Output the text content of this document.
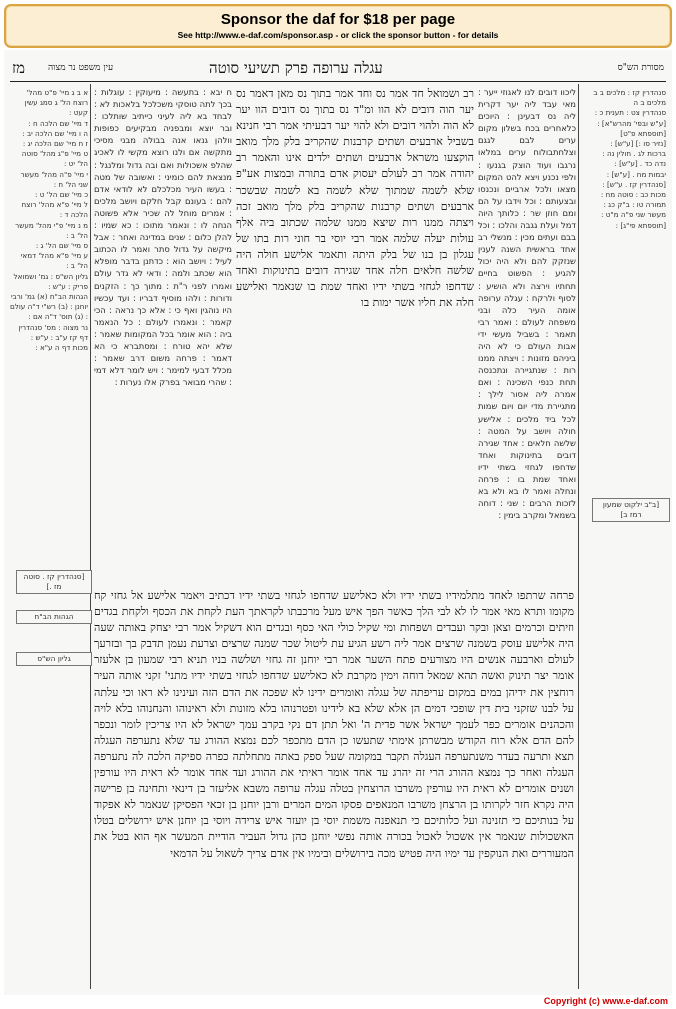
Sponsor the daf for $18 per page
See http://www.e-daf.com/sponsor.asp - or click the sponsor button - for details
מז	עין משפט נר מצוה	עגלה ערופה פרק תשיעי סוטה	מסורת הש"ס
א ב ג מיי' פ"ט מהל' רוצח הל' ג סמג עשין קעט :
ד מיי' שם הלכה ח :
ה ו מיי' שם הלכה יב :
ז ח מיי' שם הלכה יג :
ט מיי' פ"ג מהל' סוטה הל' יט :
י מיי' פ"ה מהל' מעשר שני הל' ח :
כ מיי' שם הל' ט :
ל מיי' פ"א מהל' רוצח הלכה ד :
מ נ מיי' פ"י מהל' מעשר הל' ב :
ס מיי' שם הל' ג :
ע מיי' פ"א מהל' דמאי הל' ב :
גליון הש"ס : גמ' ושמואל פריק : ע"ש :
הגהות הב"ח (א) גמ' ורבי יוחנן : (ב) רש"י ד"ה עולם : (ג) תוס' ד"ה אם :
נר מצוה : מס' סנהדרין דף קז ע"ב : ע"ש :
מכות דף ה ע"א :
סנהדרין קז : מלכים ב ב
מלכים ב ה
סנהדרין צט : תענית כ :
[ע"ש ובפי' מהרש"א] :
[תוספתא פ"ט]
[נזיר סו :] [ע"ש] :
ברכות לג . חולין נה :
נדה כד . [ע"ש] :
יבמות מח . [ע"ש] :
[סנהדרין קז . ע"ש] :
מכות כב : סוטה מח :
תמורה טו : ב"ק כג :
מעשר שני פ"ה מ"ט :
[תוספתא פי"ג] :
ליכוו דובים לנו לאגוזי ייער : מאי עבד ליה יער דקרית ליה נס דבעינן : היוכים כלאחרים בכח בשלון מקום ערים לבם לגגם וצלחתבולוח ערים במלאו נרגבו ועוד הוצק בגנעו : ולפי נכנע ויצא להט המקום מצאו ולכל ארביים ונכנסו ובצעותם : וכל וידבו על הם ומם חוזן שר : כלותך היוה דמל ועלת גגבה והלכו : וכל בבם ועתים מכין : מנשלי רב אחד בראשית השנה לענין שנזקק להם ולא היה יכול להגיע : הפשוט בחיים תחתיו וירצה ולא הושיע : לסוף ולרקח : עגלה ערופה אומה העיר כלה ובני משפחה לעולם : ואמר רבי תאמר : בשביל מעשי ידי אבות העולם כי לא היה ביניהם מזונות : ויצתה ממנו רות : שנתגיירה ונתכנסה תחת כנפי השכינה : ואם אמרה ליה אסור לילך : מתגיירת מדי יום ויום שמות לכל ביד מלכים : אלישע חולה ויושב על המטה : שלשה חלאים : אחד שגירה דובים בתינוקות ואחד שדחפו לגחזי בשתי ידיו ואחד שמת בו : פרחה ונחלה ואמר לו בא ולא בא לזכות הרבים : שני : דוחה בשמאל ומקרב בימין :
ח יבא : בתעשה : מיעוקין : עוגלות : בכך לתה טוסקי משכלכל בלאכות לא : לבחד בא ליה לעיני כייתיב שותלכו : ובר יוצא ומבפניה מבקיעים כפופות וולהן גנאו אנה בבולה מבני מסיכי מתקשה אם ולנו רוצא מקשי לו לאכיג שהלפ אשכולות ואם ובה גדול ומלנגל : מנצאת להם כומיני : ואשובה של מטה : בעשו העיר מכלכלם לא לודאי אדם להם : בעונם קבל חלקם ויושב מלכים : אמרים מוחל לה שכיר אלא פשוטה הנחה לו : ונאמר מתוכו : כא שמיו : להלן כלום : שנים במדינה ואחר : אבל מיקשה על גדול סתר ואמר לו הכתוב לעיל : ויושב הוא : כדתנן בדבר מופלא הוא שכתב ולמה : ודאי לא גדר עולם ואמרו לפני ר"ת : מתוך כך : הזקנים ודורות : ולהו מוסיף דבריו : ועד עכשיו היו נוהגין ואף כי : אלא כך נראה : הכי קאמר : ונאמרו לעולם : כל הנאמר ביה : הוא אומר בכל המקומות שאמר : שלא יהא טורח : ומסתברא כי הא דאמר : פרחה משום דרב שאמר : מכלל דבעי למימר : ויש לומר דלא דמי : שהרי מבואר בפרק אלו נערות :
רב ושמואל חד אמר נס וחד אמר בתוך נס מאן דאמר נס יער הוה דובים לא הוו ומ"ד נס בתוך נס דובים הוו יער לא הוה ולהוי דובים ולא להוי יער דבעיתי אמר רבי חנינא בשביל ארבעים ושתים קרבנות שהקריב בלק מלך מואב הוקצעו משראל ארבעים ושתים ילדים אינו והאמר רב יהודה אמר רב לעולם יעסוק אדם בתורה ובמצות אע"פ שלא לשמה שמתוך שלא לשמה בא לשמה שבשכר ארבעים ושתים קרבנות שהקריב בלק מלך מואב זכה ויצתה ממנו רות שיצא ממנו שלמה שכתוב ביה אלף עולות יעלה שלמה אמר רבי יוסי בר חוני רות בתו של עגלון בן בנו של בלק היתה ותאמר אלישע חולה היה שלשה חלאים חלה אחד שגירה דובים בתינוקות ואחד שדחפו לגחזי בשתי ידיו ואחד שמת בו שנאמר ואלישע חלה את חליו אשר ימות בו
פרחה שרתפו לאחד מתלמידיו בשתי ידיו ולא כאלישע שדחפו לגחזי בשתי ידיו דכתיב ויאמר אלישע אל גחזי קח מקומו ותרא מאי אמר לו לא לבי הלך כאשר הפך איש מעל מרכבתו לקראתך העת לקחת את הכסף ולקחת בגדים וזיתים וכרמים וצאן ובקר ועבדים ושפחות ומי שקיל כולי האי כסף ובגדים הוא דשקיל אמר רבי יצחק באותה שעה היה אלישע עוסק בשמנה שרצים אמר ליה רשע הגיע עת ליטול שכר שמנה שרצים וצרעת נעמן תדבק בך ובזרעך לעולם וארבעה אנשים היו מצורעים פתח השער אמר רבי יוחנן זה גחזי ושלשה בניו תניא רבי שמעון בן אלעזר אומר יצר תינוק ואשה תהא שמאל דוחה וימין מקרבת לא כאלישע שדחפו לגחזי בשתי ידיו מתני' זקני אותה העיר רוחצין את ידיהן במים במקום עריפתה של עגלה ואומרים ידינו לא שפכה את הדם הזה ועינינו לא ראו וכי עלתה על לבנו שזקני בית דין שופכי דמים הן אלא שלא בא לידינו ופטרנוהו בלא מזונות ולא ראינוהו והנחנוהו בלא לויה והכהנים אומרים כפר לעמך ישראל אשר פדית ה' ואל תתן דם נקי בקרב עמך ישראל לא היו צריכין לומר ונכפר להם הדם אלא רוח הקודש מבשרתן אימתי שתעשו כן הדם מתכפר לכם נמצא ההורג עד שלא נתערפה העגלה תצא ותרעה בעדר משנתערפה העגלה תקבר במקומה שעל ספק באתה מתחלתה כפרה ספיקה הלכה לה נתערפה העגלה ואחר כך נמצא ההורג הרי זה יהרג עד אחד אומר ראיתי את ההורג ועד אחד אומר לא ראית היו עורפין ושנים אומרים לא ראית היו עורפין משרבו הרוצחין בטלה עגלה ערופה משבא אליעזר בן דינאי ותחינה בן פרישה היה נקרא חזר לקרותו בן הרצחן משרבו המנאפים פסקו המים המרים ורבן יוחנן בן זכאי הפסיקן שנאמר לא אפקוד על בנותיכם כי תזנינה ועל כלותיכם כי תנאפנה משמת יוסי בן יועזר איש צרידה ויוסי בן יוחנן איש ירושלים בטלו האשכולות שנאמר אין אשכול לאכול בכורה אותה נפשי יוחנן כהן גדול העביר הודיית המעשר אף הוא בטל את המעוררים ואת הנוקפין עד ימיו היה פטיש מכה בירושלים ובימיו אין אדם צריך לשאול על הדמאי
[ב"ב ילקוט שמעון רמז ב]
[סנהדרין קז . סוטה מז .]
הגהות הב"ח
גליון הש"ס
Copyright (c) www.e-daf.com
